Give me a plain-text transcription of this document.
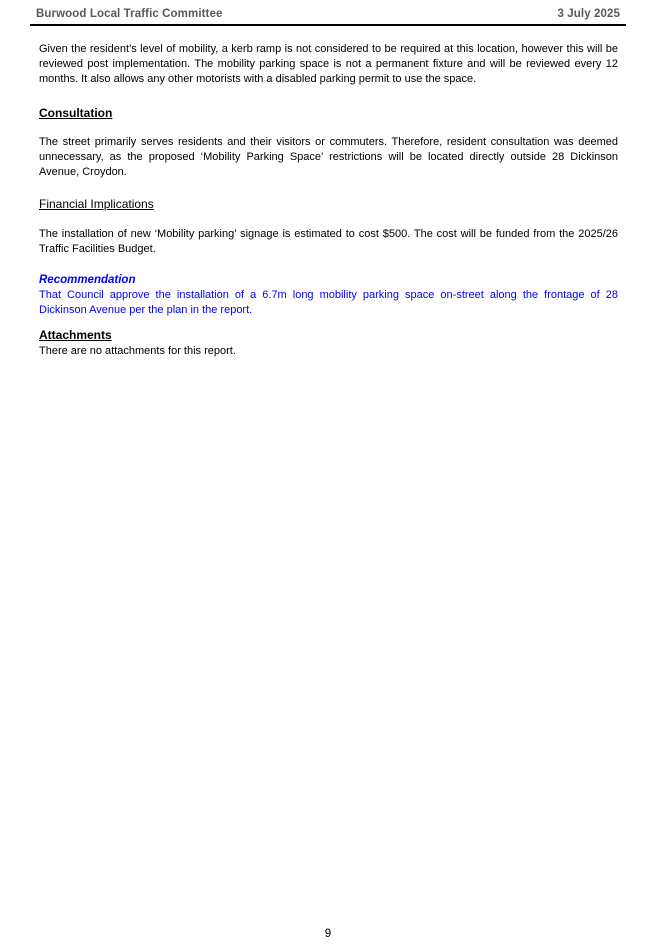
Burwood Local Traffic Committee	3 July 2025

Given the resident’s level of mobility, a kerb ramp is not considered to be required at this location, however this will be reviewed post implementation. The mobility parking space is not a permanent fixture and will be reviewed every 12 months. It also allows any other motorists with a disabled parking permit to use the space.

Consultation

The street primarily serves residents and their visitors or commuters. Therefore, resident consultation was deemed unnecessary, as the proposed ‘Mobility Parking Space’ restrictions will be located directly outside 28 Dickinson Avenue, Croydon.

Financial Implications

The installation of new ‘Mobility parking’ signage is estimated to cost $500. The cost will be funded from the 2025/26 Traffic Facilities Budget.

Recommendation

That Council approve the installation of a 6.7m long mobility parking space on-street along the frontage of 28 Dickinson Avenue per the plan in the report.

Attachments

There are no attachments for this report.

9
